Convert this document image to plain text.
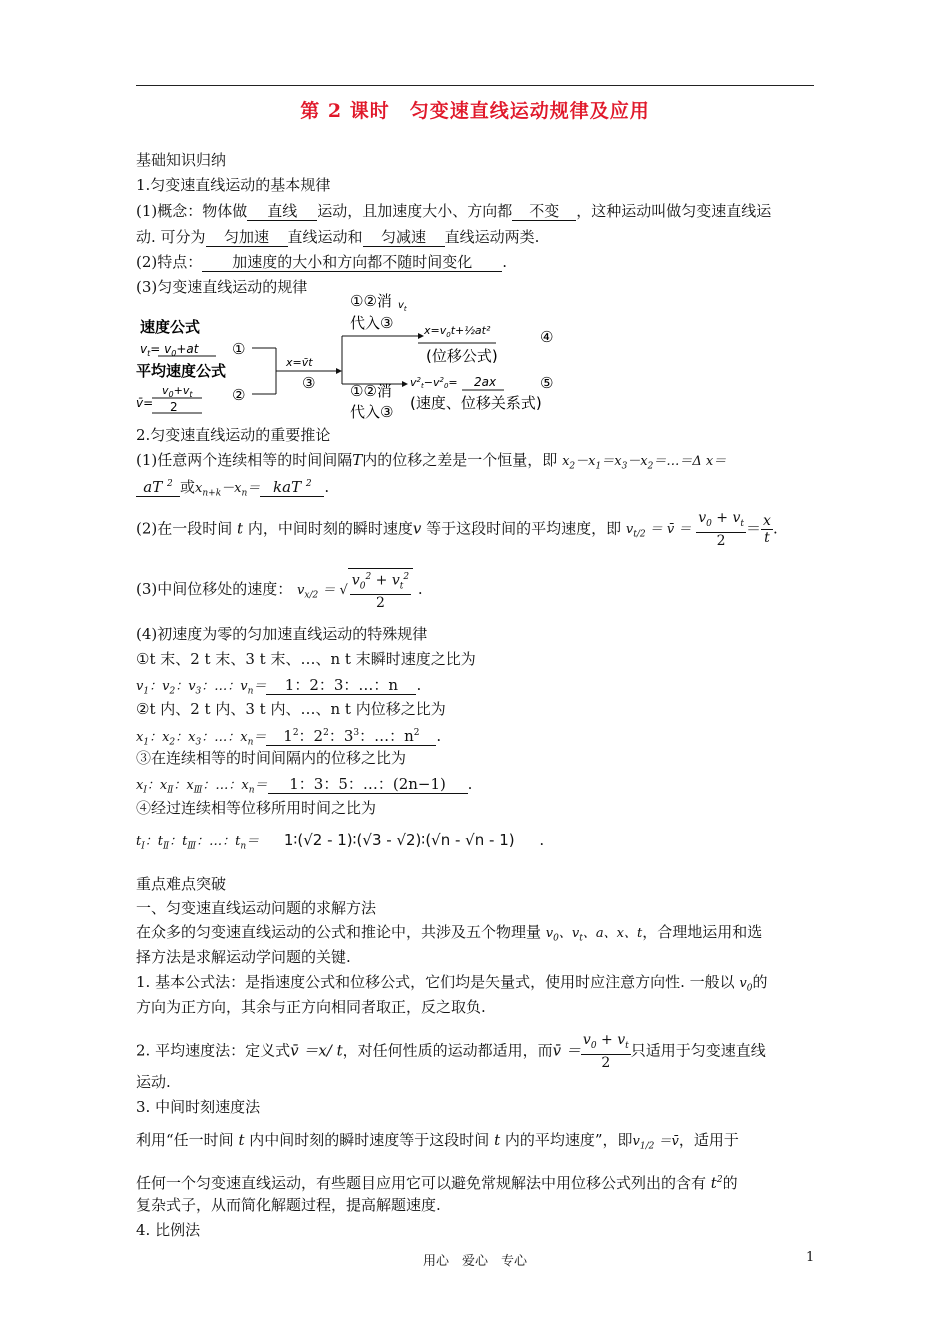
第 2 课时　匀变速直线运动规律及应用
基础知识归纳
1.匀变速直线运动的基本规律
(1)概念：物体做 直线 运动，且加速度大小、方向都 不变 ，这种运动叫做匀变速直线运
动. 可分为 匀加速 直线运动和 匀减速 直线运动两类.
(2)特点： 加速度的大小和方向都不随时间变化 .
(3)匀变速直线运动的规律
速度公式
$v_t= v_0+at$
平均速度公式
$v_0+v_t$
v̄= 2
①
②
x=v̄t
③
①②消 $v_t$
代入③	$x=v_0t+\frac{1}{2}at^2$
(位移公式)
④
①②消
代入③
$v^2_t-v^2_0= 2ax$
(速度、位移关系式)
⑤
2.匀变速直线运动的重要推论
(1)任意两个连续相等的时间间隔T内的位移之差是一个恒量，即 $x_2-x_1=x_3-x_2=\dots=\Delta$ x＝
aT $^2$ 或$x_{n+k}-x_n=$ kaT $^2$ .
(2)在一段时间 t 内，中间时刻的瞬时速度v 等于这段时间的平均速度，即 $v_{t/2}$ ＝ v̄ ＝ $\frac{v_0 + v_t}{2} = \frac{x}{t}$ .
(3)中间位移处的速度： $v_{x/2}$ ＝ √ $\frac{v_0^2 + v_t^2}{2}$ .
(4)初速度为零的匀加速直线运动的特殊规律
①t 末、2 t 末、3 t 末、…、n t 末瞬时速度之比为
$v_1$：$v_2$：$v_3$：…：$v_n= 1$：2：3：…：n .
②t 内、2 t 内、3 t 内、…、n t 内位移之比为
$x_1$：$x_2$：$x_3$：…：$x_n= 1^2$：$2^2$：$3^3$：…：$n^2$ .
③在连续相等的时间间隔内的位移之比为
$x_Ⅰ$：$x_Ⅱ$：$x_Ⅲ$：…：$x_n= 1$：3：5：…：(2n−1) .
④经过连续相等位移所用时间之比为
$t_Ⅰ$：$t_Ⅱ$：$t_Ⅲ$：…：$t_n=$ 1∶(√2 - 1)∶(√3 - √2)∶(√n - √n - 1) .
重点难点突破
一、匀变速直线运动问题的求解方法
在众多的匀变速直线运动的公式和推论中，共涉及五个物理量 $v_0$、$v_t$、a、x、t，合理地运用和选
择方法是求解运动学问题的关键.
1. 基本公式法：是指速度公式和位移公式，它们均是矢量式，使用时应注意方向性. 一般以 $v_0$的
方向为正方向，其余与正方向相同者取正，反之取负.
2. 平均速度法：定义式v̄ ＝x/ t，对任何性质的运动都适用，而v̄ ＝ $\frac{v_0 + v_t}{2}$ 只适用于匀变速直线
运动.
3. 中间时刻速度法
利用“任一时间 t 内中间时刻的瞬时速度等于这段时间 t 内的平均速度”，即$v_{1/2}$ ＝v̄，适用于
任何一个匀变速直线运动，有些题目应用它可以避免常规解法中用位移公式列出的含有 $t^2$的
复杂式子，从而简化解题过程，提高解题速度.
4. 比例法
用心　爱心　专心	1
